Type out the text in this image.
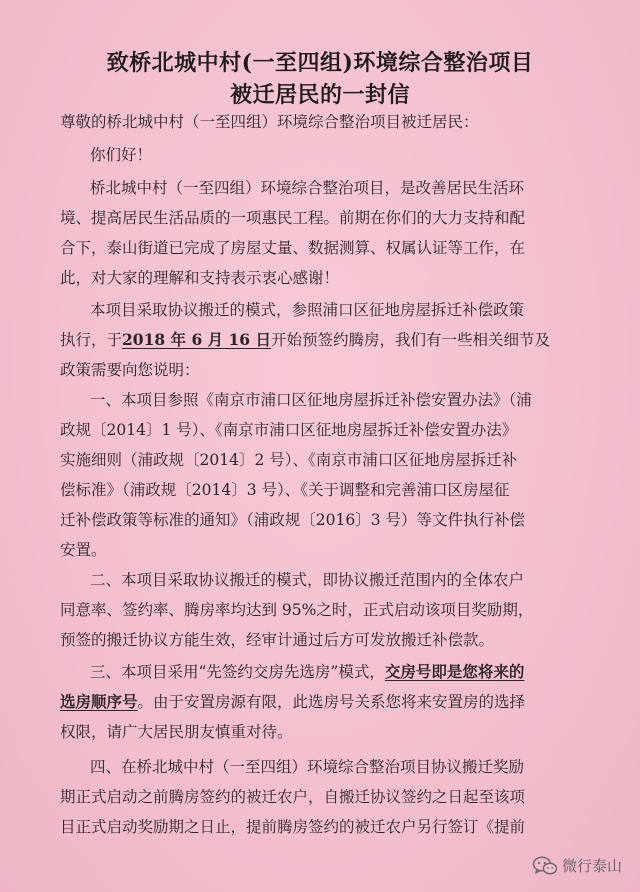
致桥北城中村(一至四组)环境综合整治项目
被迁居民的一封信
尊敬的桥北城中村（一至四组）环境综合整治项目被迁居民：
你们好！
桥北城中村（一至四组）环境综合整治项目，是改善居民生活环
境、提高居民生活品质的一项惠民工程。前期在你们的大力支持和配
合下，泰山街道已完成了房屋丈量、数据测算、权属认证等工作，在
此，对大家的理解和支持表示衷心感谢！
本项目采取协议搬迁的模式，参照浦口区征地房屋拆迁补偿政策
执行，于2018 年 6 月 16 日开始预签约腾房，我们有一些相关细节及
政策需要向您说明：
一、本项目参照《南京市浦口区征地房屋拆迁补偿安置办法》（浦
政规〔2014〕1 号）、《南京市浦口区征地房屋拆迁补偿安置办法》
实施细则（浦政规〔2014〕2 号）、《南京市浦口区征地房屋拆迁补
偿标准》（浦政规〔2014〕3 号）、《关于调整和完善浦口区房屋征
迁补偿政策等标准的通知》（浦政规〔2016〕3 号）等文件执行补偿
安置。
二、本项目采取协议搬迁的模式，即协议搬迁范围内的全体农户
同意率、签约率、腾房率均达到 95%之时，正式启动该项目奖励期，
预签的搬迁协议方能生效，经审计通过后方可发放搬迁补偿款。
三、本项目采用“先签约交房先选房”模式，交房号即是您将来的
选房顺序号。由于安置房源有限，此选房号关系您将来安置房的选择
权限，请广大居民朋友慎重对待。
四、在桥北城中村（一至四组）环境综合整治项目协议搬迁奖励
期正式启动之前腾房签约的被迁农户，自搬迁协议签约之日起至该项
目正式启动奖励期之日止，提前腾房签约的被迁农户另行签订《提前
微行泰山
